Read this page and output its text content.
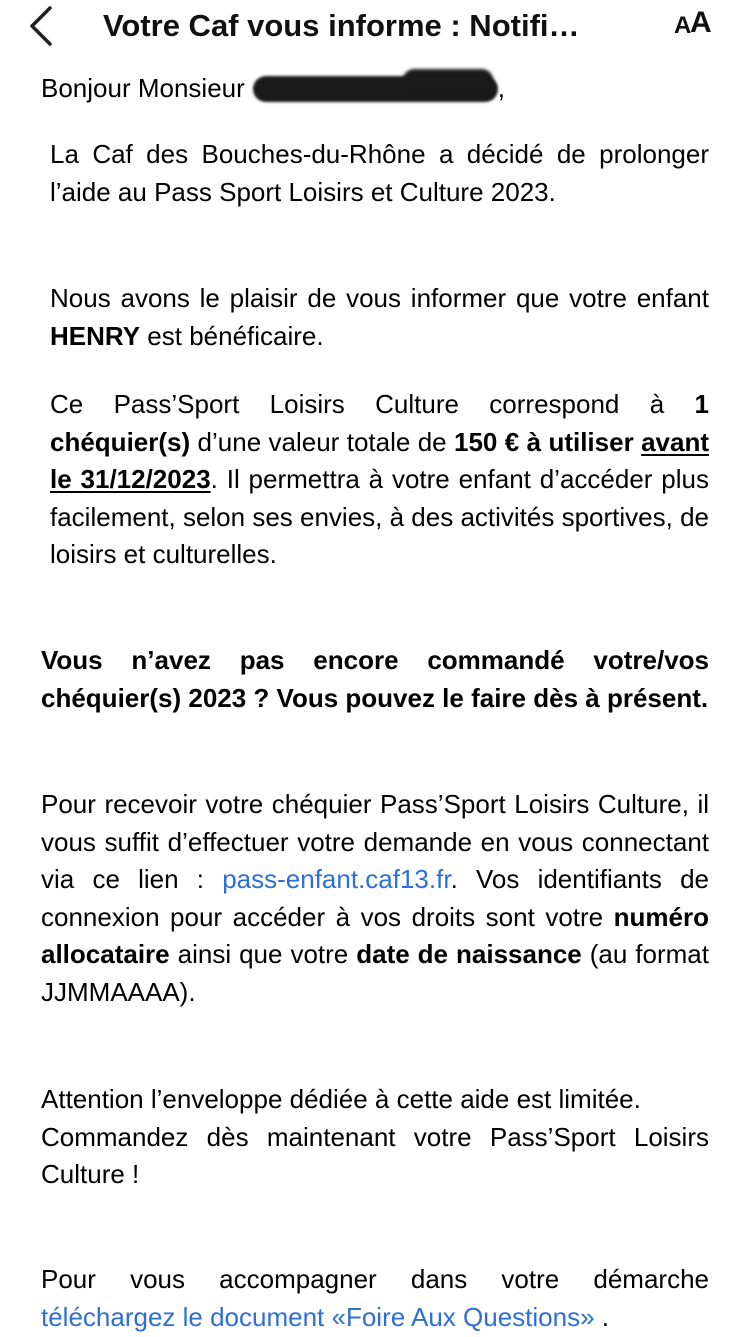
Votre Caf vous informe : Notifi…	A
A
Bonjour Monsieur	,
La Caf des Bouches-du-Rhône a décidé de prolonger l’aide au Pass Sport Loisirs et Culture 2023.
Nous avons le plaisir de vous informer que votre enfant HENRY est bénéficaire.
Ce Pass’Sport Loisirs Culture correspond à 1 chéquier(s) d’une valeur totale de 150 € à utiliser avant le 31/12/2023. Il permettra à votre enfant d’accéder plus facilement, selon ses envies, à des activités sportives, de loisirs et culturelles.
Vous n’avez pas encore commandé votre/vos chéquier(s) 2023 ? Vous pouvez le faire dès à présent.
Pour recevoir votre chéquier Pass’Sport Loisirs Culture, il vous suffit d’effectuer votre demande en vous connectant via ce lien : pass-enfant.caf13.fr. Vos identifiants de connexion pour accéder à vos droits sont votre numéro allocataire ainsi que votre date de naissance (au format JJMMAAAA).
Attention l’enveloppe dédiée à cette aide est limitée.
Commandez dès maintenant votre Pass’Sport Loisirs Culture !
Pour vous accompagner dans votre démarche téléchargez le document «Foire Aux Questions» .
